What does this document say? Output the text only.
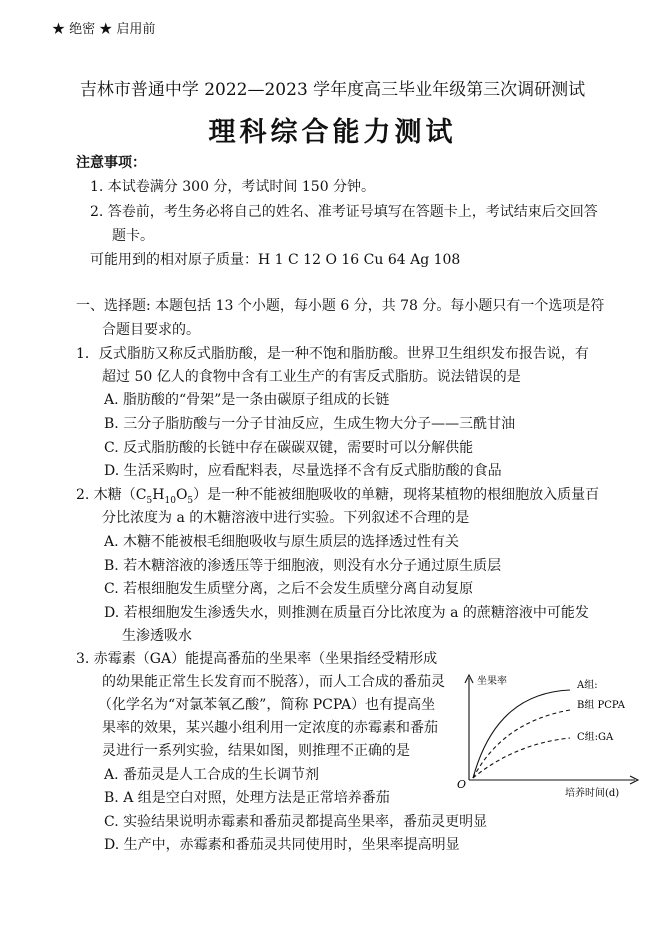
★ 绝密 ★ 启用前
吉林市普通中学 2022—2023 学年度高三毕业年级第三次调研测试
理科综合能力测试
注意事项：
1. 本试卷满分 300 分，考试时间 150 分钟。
2. 答卷前，考生务必将自己的姓名、准考证号填写在答题卡上，考试结束后交回答
题卡。
可能用到的相对原子质量：H 1 C 12 O 16 Cu 64 Ag 108
一、选择题: 本题包括 13 个小题，每小题 6 分，共 78 分。每小题只有一个选项是符
合题目要求的。
1．反式脂肪又称反式脂肪酸，是一种不饱和脂肪酸。世界卫生组织发布报告说，有
超过 50 亿人的食物中含有工业生产的有害反式脂肪。说法错误的是
A. 脂肪酸的“骨架”是一条由碳原子组成的长链
B. 三分子脂肪酸与一分子甘油反应，生成生物大分子——三酰甘油
C. 反式脂肪酸的长链中存在碳碳双键，需要时可以分解供能
D. 生活采购时，应看配料表，尽量选择不含有反式脂肪酸的食品
2. 木糖$(C_5H_{10}O_5)$是一种不能被细胞吸收的单糖，现将某植物的根细胞放入质量百
分比浓度为 a 的木糖溶液中进行实验。下列叙述不合理的是
A. 木糖不能被根毛细胞吸收与原生质层的选择透过性有关
B. 若木糖溶液的渗透压等于细胞液，则没有水分子通过原生质层
C. 若根细胞发生质壁分离，之后不会发生质壁分离自动复原
D. 若根细胞发生渗透失水，则推测在质量百分比浓度为 a 的蔗糖溶液中可能发
生渗透吸水
3. 赤霉素（GA）能提高番茄的坐果率（坐果指经受精形成
的幼果能正常生长发育而不脱落），而人工合成的番茄灵
（化学名为“对氯苯氧乙酸”，简称 PCPA）也有提高坐
果率的效果，某兴趣小组利用一定浓度的赤霉素和番茄
灵进行一系列实验，结果如图，则推理不正确的是
A. 番茄灵是人工合成的生长调节剂
B. A 组是空白对照，处理方法是正常培养番茄
C. 实验结果说明赤霉素和番茄灵都提高坐果率，番茄灵更明显
D. 生产中，赤霉素和番茄灵共同使用时，坐果率提高明显
坐果率	A组:
B组 PCPA
C组:GA
O
培养时间(d)
